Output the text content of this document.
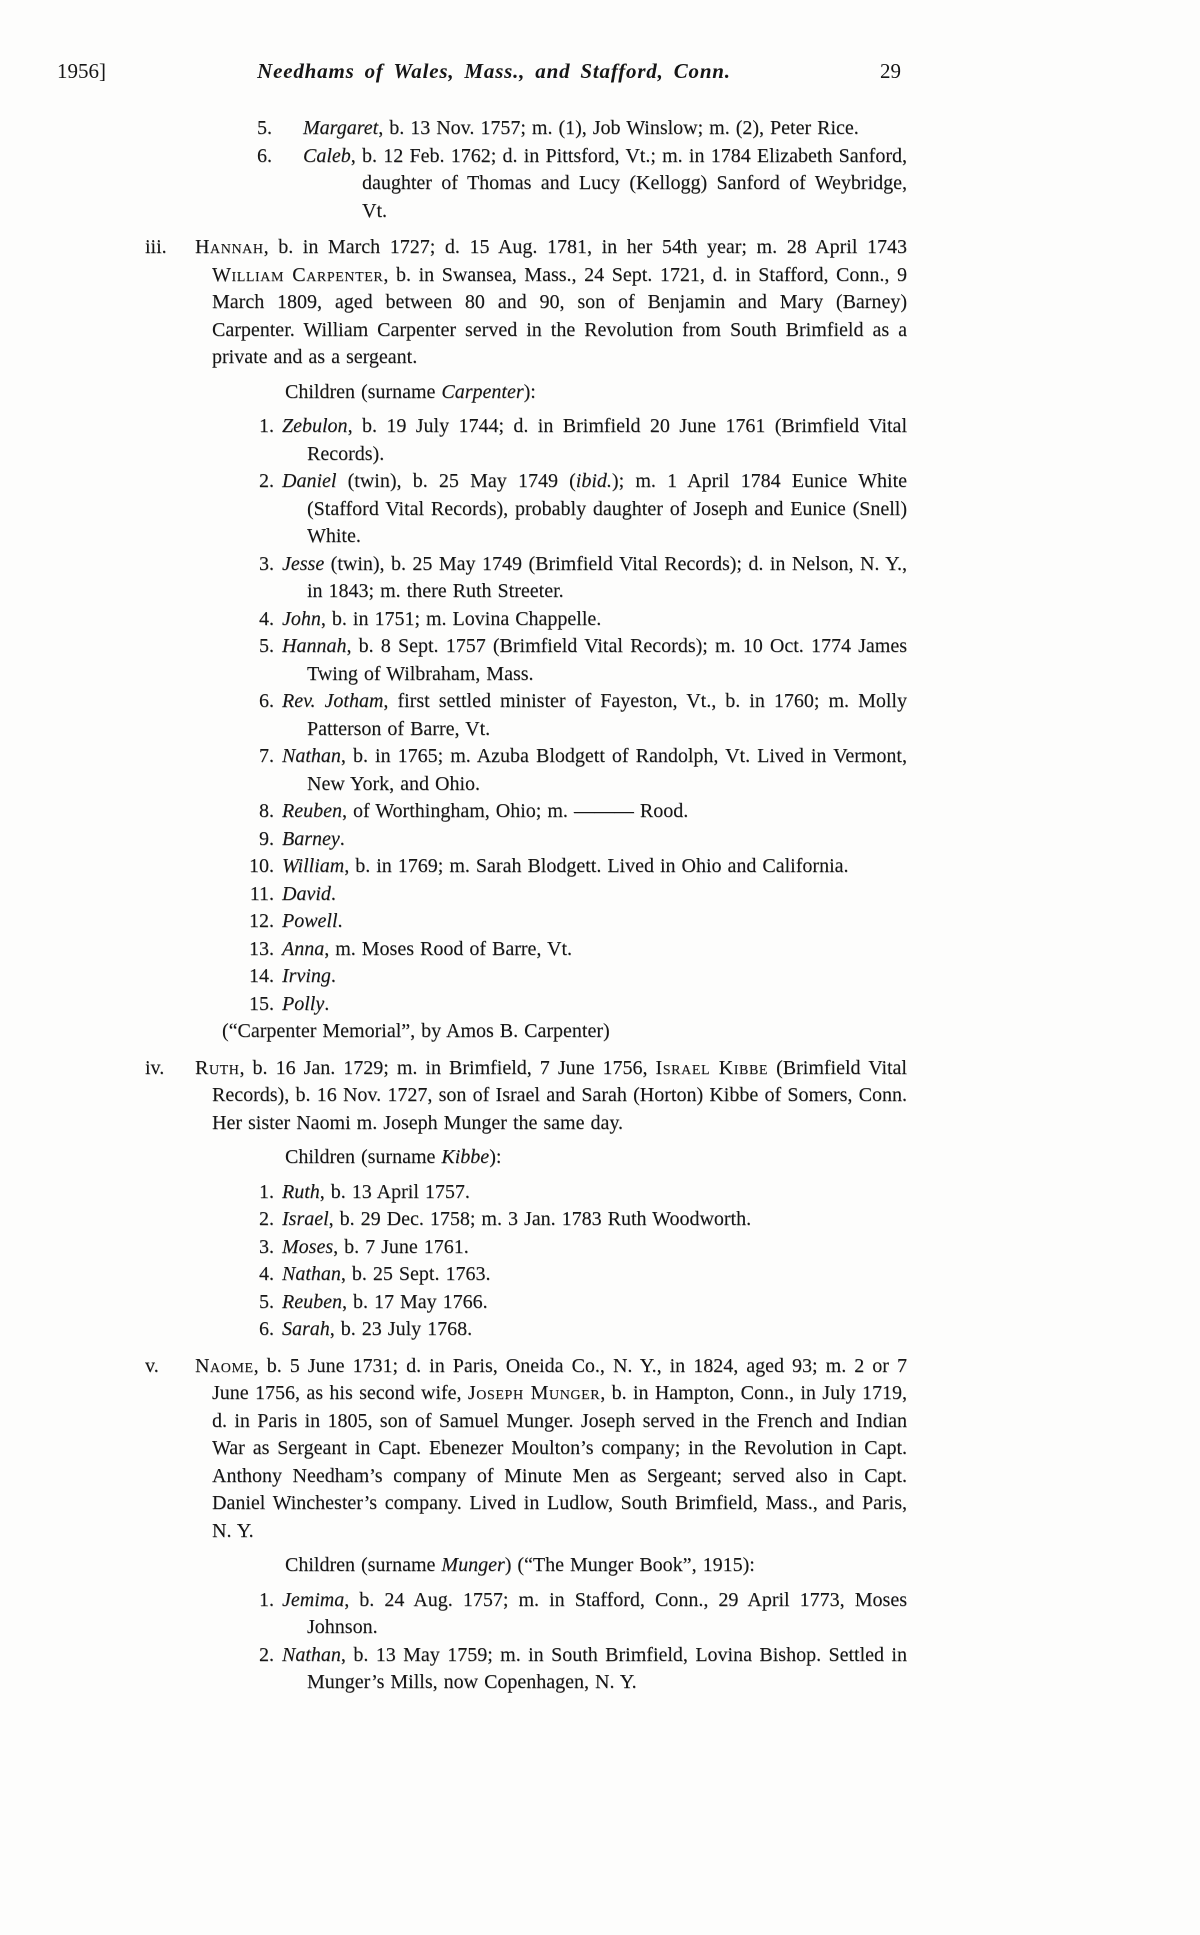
1956]	Needhams of Wales, Mass., and Stafford, Conn.	29
5. Margaret, b. 13 Nov. 1757; m. (1), Job Winslow; m. (2), Peter Rice.
6. Caleb, b. 12 Feb. 1762; d. in Pittsford, Vt.; m. in 1784 Elizabeth Sanford, daughter of Thomas and Lucy (Kellogg) Sanford of Weybridge, Vt.
iii. Hannah, b. in March 1727; d. 15 Aug. 1781, in her 54th year; m. 28 April 1743 William Carpenter, b. in Swansea, Mass., 24 Sept. 1721, d. in Stafford, Conn., 9 March 1809, aged between 80 and 90, son of Benjamin and Mary (Barney) Carpenter. William Carpenter served in the Revolution from South Brimfield as a private and as a sergeant.
Children (surname Carpenter):
1. Zebulon, b. 19 July 1744; d. in Brimfield 20 June 1761 (Brimfield Vital Records).
2. Daniel (twin), b. 25 May 1749 (ibid.); m. 1 April 1784 Eunice White (Stafford Vital Records), probably daughter of Joseph and Eunice (Snell) White.
3. Jesse (twin), b. 25 May 1749 (Brimfield Vital Records); d. in Nelson, N. Y., in 1843; m. there Ruth Streeter.
4. John, b. in 1751; m. Lovina Chappelle.
5. Hannah, b. 8 Sept. 1757 (Brimfield Vital Records); m. 10 Oct. 1774 James Twing of Wilbraham, Mass.
6. Rev. Jotham, first settled minister of Fayeston, Vt., b. in 1760; m. Molly Patterson of Barre, Vt.
7. Nathan, b. in 1765; m. Azuba Blodgett of Randolph, Vt. Lived in Vermont, New York, and Ohio.
8. Reuben, of Worthingham, Ohio; m. ——— Rood.
9. Barney.
10. William, b. in 1769; m. Sarah Blodgett. Lived in Ohio and California.
11. David.
12. Powell.
13. Anna, m. Moses Rood of Barre, Vt.
14. Irving.
15. Polly.
(“Carpenter Memorial”, by Amos B. Carpenter)
iv. Ruth, b. 16 Jan. 1729; m. in Brimfield, 7 June 1756, Israel Kibbe (Brimfield Vital Records), b. 16 Nov. 1727, son of Israel and Sarah (Horton) Kibbe of Somers, Conn. Her sister Naomi m. Joseph Munger the same day.
Children (surname Kibbe):
1. Ruth, b. 13 April 1757.
2. Israel, b. 29 Dec. 1758; m. 3 Jan. 1783 Ruth Woodworth.
3. Moses, b. 7 June 1761.
4. Nathan, b. 25 Sept. 1763.
5. Reuben, b. 17 May 1766.
6. Sarah, b. 23 July 1768.
v. Naome, b. 5 June 1731; d. in Paris, Oneida Co., N. Y., in 1824, aged 93; m. 2 or 7 June 1756, as his second wife, Joseph Munger, b. in Hampton, Conn., in July 1719, d. in Paris in 1805, son of Samuel Munger. Joseph served in the French and Indian War as Sergeant in Capt. Ebenezer Moulton’s company; in the Revolution in Capt. Anthony Needham’s company of Minute Men as Sergeant; served also in Capt. Daniel Winchester’s company. Lived in Ludlow, South Brimfield, Mass., and Paris, N. Y.
Children (surname Munger) (“The Munger Book”, 1915):
1. Jemima, b. 24 Aug. 1757; m. in Stafford, Conn., 29 April 1773, Moses Johnson.
2. Nathan, b. 13 May 1759; m. in South Brimfield, Lovina Bishop. Settled in Munger’s Mills, now Copenhagen, N. Y.
